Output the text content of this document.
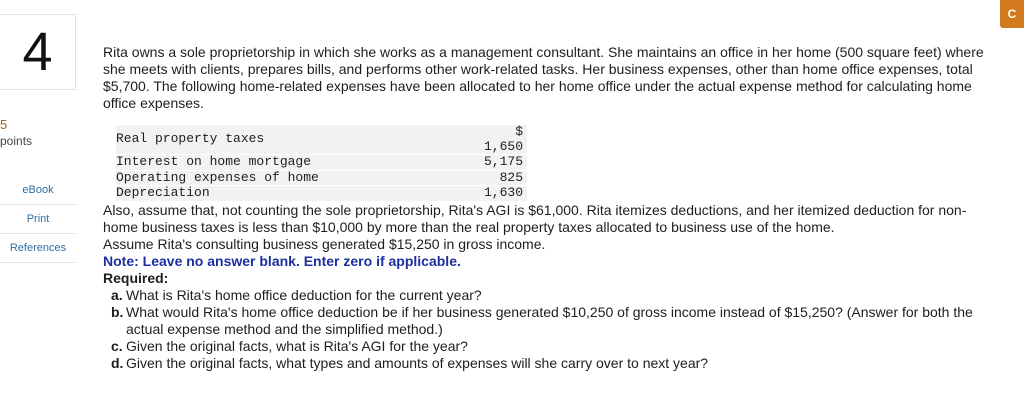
4
5
points
eBook
Print
References
C

Rita owns a sole proprietorship in which she works as a management consultant. She maintains an office in her home (500 square feet) where she meets with clients, prepares bills, and performs other work-related tasks. Her business expenses, other than home office expenses, total $5,700. The following home-related expenses have been allocated to her home office under the actual expense method for calculating home office expenses.

Real property taxes	$ 1,650
Interest on home mortgage	5,175
Operating expenses of home	825
Depreciation	1,630

Also, assume that, not counting the sole proprietorship, Rita's AGI is $61,000. Rita itemizes deductions, and her itemized deduction for non-home business taxes is less than $10,000 by more than the real property taxes allocated to business use of the home.

Assume Rita's consulting business generated $15,250 in gross income.

Note: Leave no answer blank. Enter zero if applicable.

Required:

a. What is Rita's home office deduction for the current year?
b. What would Rita's home office deduction be if her business generated $10,250 of gross income instead of $15,250? (Answer for both the actual expense method and the simplified method.)
c. Given the original facts, what is Rita's AGI for the year?
d. Given the original facts, what types and amounts of expenses will she carry over to next year?
